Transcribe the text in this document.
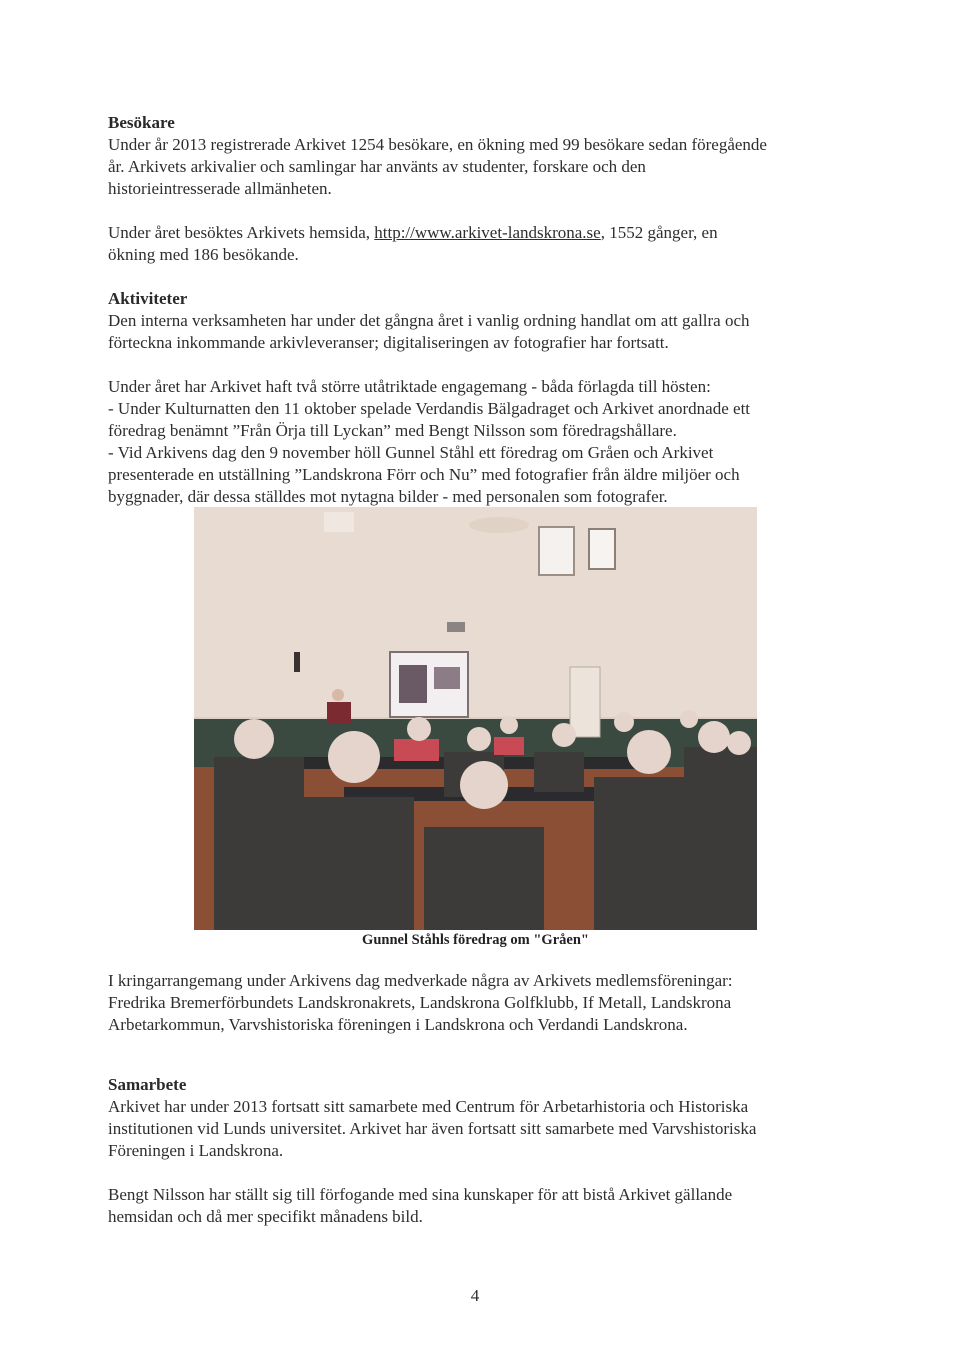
Besökare

Under år 2013 registrerade Arkivet 1254 besökare, en ökning med 99 besökare sedan föregående
år. Arkivets arkivalier och samlingar har använts av studenter, forskare och den
historieintresserade allmänheten.

Under året besöktes Arkivets hemsida, http://www.arkivet-landskrona.se, 1552 gånger, en
ökning med 186 besökande.

Aktiviteter

Den interna verksamheten har under det gångna året i vanlig ordning handlat om att gallra och
förteckna inkommande arkivleveranser; digitaliseringen av fotografier har fortsatt.

Under året har Arkivet haft två större utåtriktade engagemang - båda förlagda till hösten:
- Under Kulturnatten den 11 oktober spelade Verdandis Bälgadraget och Arkivet anordnade ett
föredrag benämnt ”Från Örja till Lyckan” med Bengt Nilsson som föredragshållare.
- Vid Arkivens dag den 9 november höll Gunnel Ståhl ett föredrag om Gråen och Arkivet
presenterade en utställning ”Landskrona Förr och Nu” med fotografier från äldre miljöer och
byggnader, där dessa ställdes mot nytagna bilder - med personalen som fotografer.

Gunnel Ståhls föredrag om "Gråen"

I kringarrangemang under Arkivens dag medverkade några av Arkivets medlemsföreningar:
Fredrika Bremerförbundets Landskronakrets, Landskrona Golfklubb, If Metall, Landskrona
Arbetarkommun, Varvshistoriska föreningen i Landskrona och Verdandi Landskrona.

Samarbete

Arkivet har under 2013 fortsatt sitt samarbete med Centrum för Arbetarhistoria och Historiska
institutionen vid Lunds universitet. Arkivet har även fortsatt sitt samarbete med Varvshistoriska
Föreningen i Landskrona.

Bengt Nilsson har ställt sig till förfogande med sina kunskaper för att bistå Arkivet gällande
hemsidan och då mer specifikt månadens bild.

4
